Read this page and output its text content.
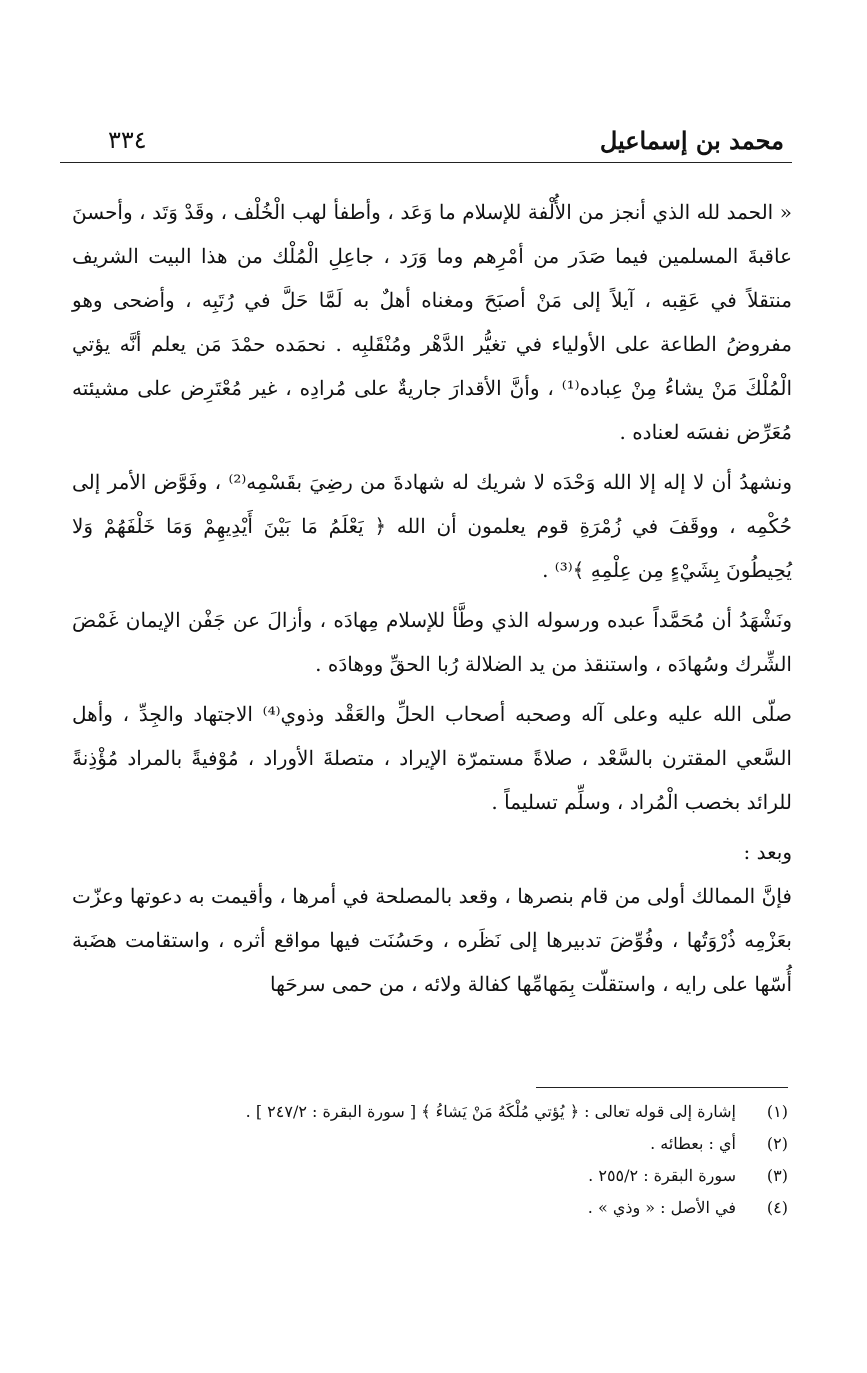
محمد بن إسماعيل
٣٣٤

« الحمد لله الذي أنجز من الأُلْفة للإسلام ما وَعَد ، وأطفأ لهب الْخُلْف ، وقَدْ وَتَد ، وأحسنَ عاقبةَ المسلمين فيما صَدَر من أمْرِهم وما وَرَد ، جاعِلِ الْمُلْك من هذا البيت الشريف منتقلاً في عَقِبه ، آيلاً إلى مَنْ أصبَحَ ومغناه أهلٌ به لَمَّا حَلَّ في رُتَبِه ، وأضحى وهو مفروضُ الطاعة على الأولياء في تغيُّر الدَّهْر ومُنْقَلبِه . نحمَده حمْدَ مَن يعلم أنَّه يؤتي الْمُلْكَ مَنْ يشاءُ مِنْ عِباده⁽¹⁾ ، وأنَّ الأقدارَ جاريةٌ على مُرادِه ، غير مُعْتَرِض على مشيئته مُعَرِّض نفسَه لعناده .

ونشهدُ أن لا إله إلا الله وَحْدَه لا شريك له شهادةَ من رضِيَ بقَسْمِه⁽²⁾ ، وفَوَّض الأمر إلى حُكْمِه ، ووقَفَ في زُمْرَةِ قوم يعلمون أن الله ﴿ يَعْلَمُ مَا بَيْنَ أَيْدِيهِمْ وَمَا خَلْفَهُمْ وَلا يُحِيطُونَ بِشَيْءٍ مِن عِلْمِهِ ﴾⁽³⁾ .

ونَشْهَدُ أن مُحَمَّداً عبده ورسوله الذي وطَّأ للإسلام مِهادَه ، وأزالَ عن جَفْن الإيمان غَمْضَ الشِّرك وسُهادَه ، واستنقذ من يد الضلالة رُبا الحقِّ ووهادَه .

صلّى الله عليه وعلى آله وصحبه أصحاب الحلِّ والعَقْد وذوي⁽⁴⁾ الاجتهاد والجِدِّ ، وأهل السَّعي المقترن بالسَّعْد ، صلاةً مستمرّة الإيراد ، متصلةَ الأوراد ، مُوْفيةً بالمراد مُؤْذِنةً للرائد بخصب الْمُراد ، وسلِّم تسليماً .

وبعد :

فإنَّ الممالك أولى من قام بنصرها ، وقعد بالمصلحة في أمرها ، وأقيمت به دعوتها وعزّت بعَزْمِه ذُرْوَتُها ، وفُوِّضَ تدبيرها إلى نَظَره ، وحَسُنَت فيها مواقع أثره ، واستقامت هضَبة أُسّها على رايه ، واستقلّت بِمَهامِّها كفالة ولائه ، من حمى سرحَها

(١)
إشارة إلى قوله تعالى : ﴿ يُؤتي مُلْكَهُ مَنْ يَشاءُ ﴾ [ سورة البقرة : ٢٤٧/٢ ] .
(٢)
أي : بعطائه .
(٣)
سورة البقرة : ٢٥٥/٢ .
(٤)
في الأصل : « وذي » .
